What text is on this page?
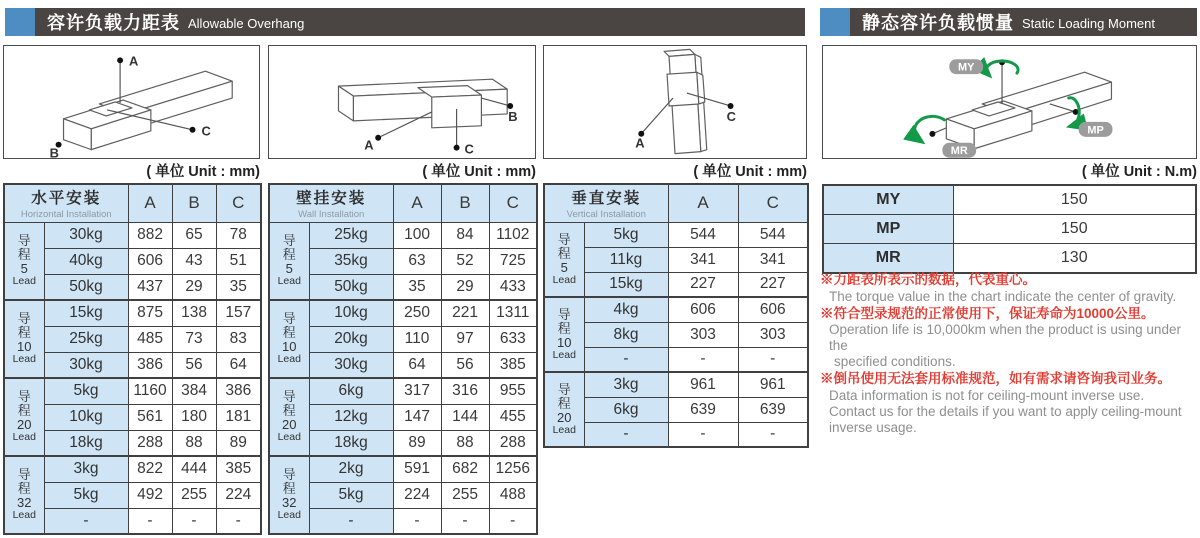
容许负载力距表 Allowable Overhang	静态容许负载惯量 Static Loading Moment
A
B
C
A
B
C	A
C
MY
MP
MR
( 单位 Unit : mm)	( 单位 Unit : mm)	( 单位 Unit : mm)	( 单位 Unit : N.m)
水平安装
Horizontal Installation		A	B	C

导程
5
Lead	30kg	882	65	78
	40kg	606	43	51
	50kg	437	29	35

导程
10
Lead	15kg	875	138	157
	25kg	485	73	83
	30kg	386	56	64

导程
20
Lead	5kg	1160	384	386
	10kg	561	180	181
	18kg	288	88	89

导程
32
Lead	3kg	822	444	385
	5kg	492	255	224
	-	-	-	-
壁挂安装
Wall Installation		A	B	C

导程
5
Lead	25kg	100	84	1102
	35kg	63	52	725
	50kg	35	29	433

导程
10
Lead	10kg	250	221	1311
	20kg	110	97	633
	30kg	64	56	385

导程
20
Lead	6kg	317	316	955
	12kg	147	144	455
	18kg	89	88	288

导程
32
Lead	2kg	591	682	1256
	5kg	224	255	488
	-	-	-	-
垂直安装
Vertical Installation		A	C

导程
5
Lead	5kg	544	544
	11kg	341	341
	15kg	227	227

导程
10
Lead	4kg	606	606
	8kg	303	303
	-	-	-

导程
20
Lead	3kg	961	961
	6kg	639	639
	-	-	-
MY	150
MP	150
MR	130
※力距表所表示的数据，代表重心。
The torque value in the chart indicate the center of gravity.
※符合型录规范的正常使用下，保证寿命为10000公里。
Operation life is 10,000km when the product is using under the
specified conditions.
※倒吊使用无法套用标准规范，如有需求请咨询我司业务。
Data information is not for ceiling-mount inverse use.
Contact us for the details if you want to apply ceiling-mount
inverse usage.
